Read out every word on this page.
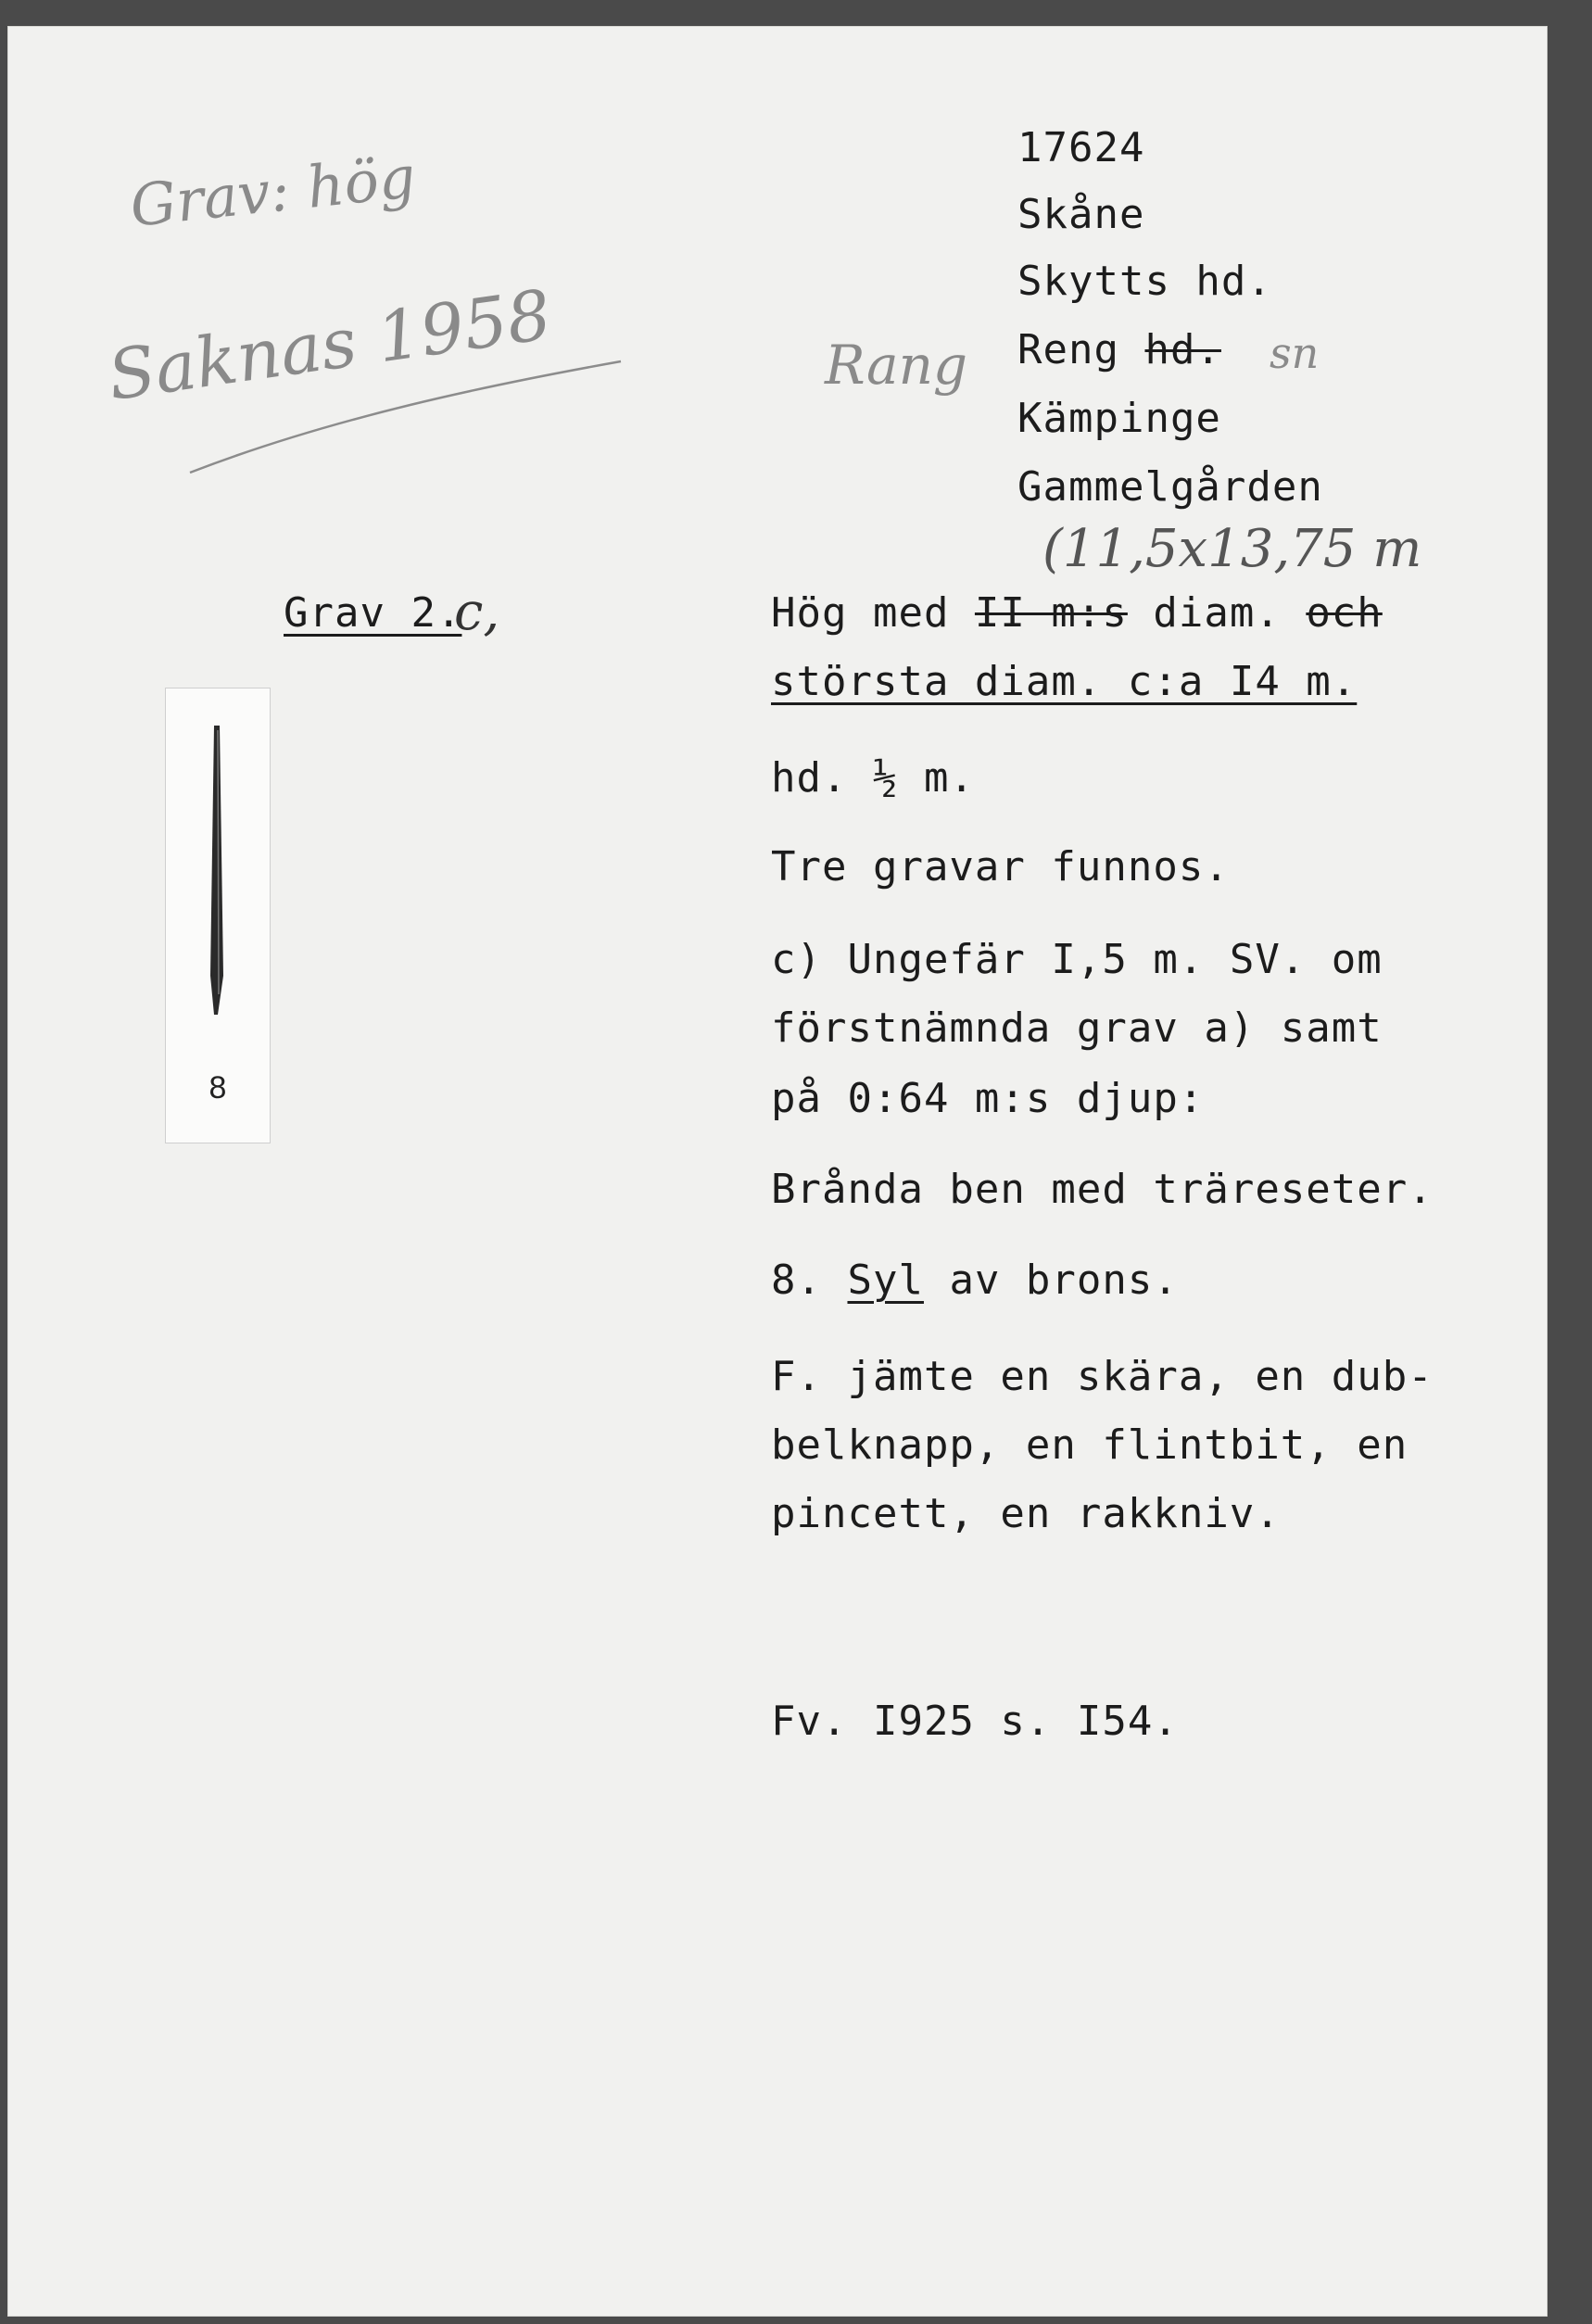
Grav: hög
Saknas 1958
17624
Skåne
Skytts hd.
Rang Reng hd. sn
Kämpinge
Gammelgården
(11,5x13,75 m
Grav 2.
c,
8
Hög med II m:s diam. och
största diam. c:a I4 m.
hd. ½ m.
Tre gravar funnos.
c) Ungefär I,5 m. SV. om
förstnämnda grav a) samt
på 0:64 m:s djup:
Brånda ben med träreseter.
8. Syl av brons.
F. jämte en skära, en dub-
belknapp, en flintbit, en
pincett, en rakkniv.
Fv. I925 s. I54.
